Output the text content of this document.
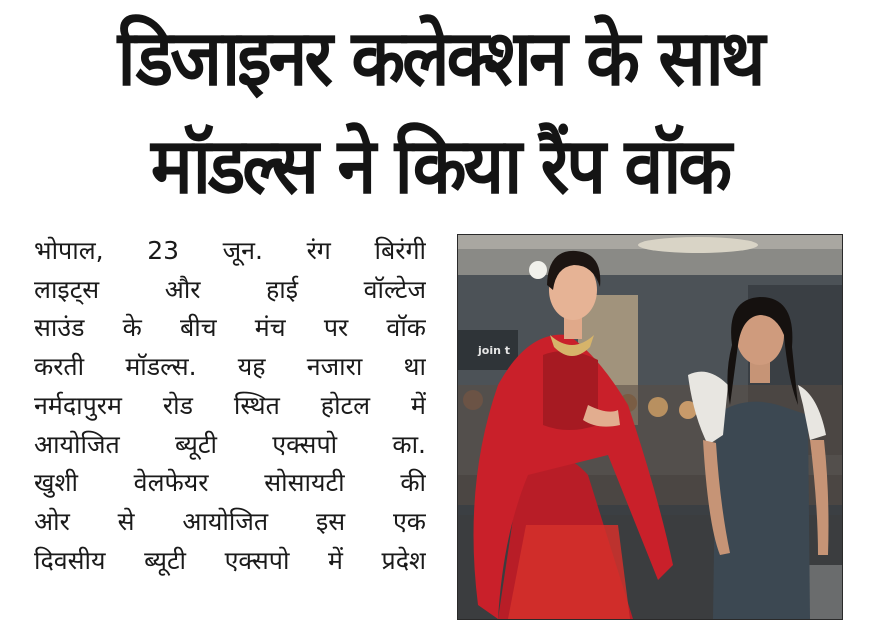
डिजाइनर कलेक्शन के साथ
मॉडल्स ने किया रैंप वॉक
भोपाल, 23 जून. रंग बिरंगी
लाइट्स और हाई वॉल्टेज
साउंड के बीच मंच पर वॉक
करती मॉडल्स. यह नजारा था
नर्मदापुरम रोड स्थित होटल में
आयोजित ब्यूटी एक्सपो का.
खुशी वेलफेयर सोसायटी की
ओर से आयोजित इस एक
दिवसीय ब्यूटी एक्सपो में प्रदेश
join t
